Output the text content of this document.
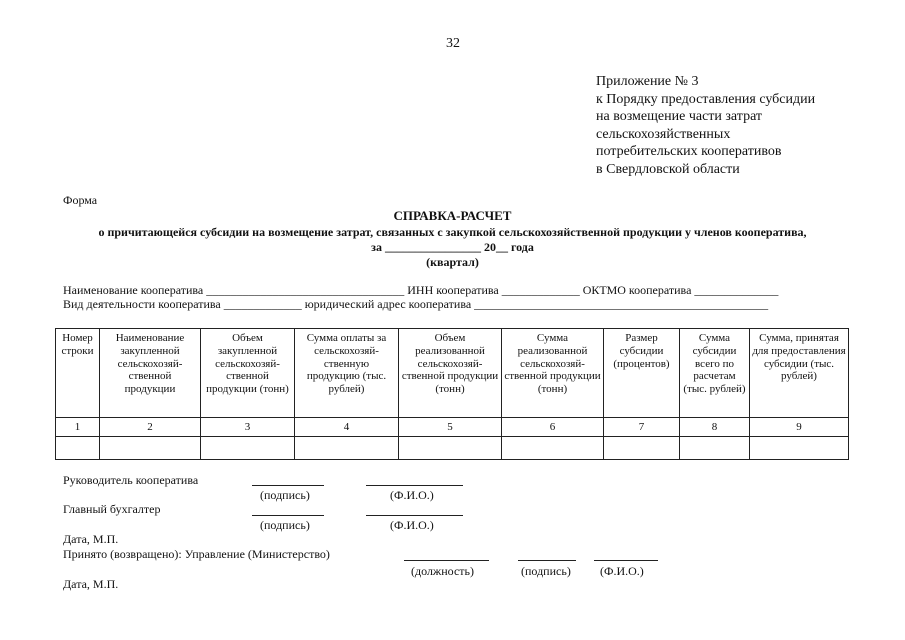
32
Приложение № 3
к Порядку предоставления субсидии
на возмещение части затрат
сельскохозяйственных
потребительских кооперативов
в Свердловской области
Форма
СПРАВКА-РАСЧЕТ
о причитающейся субсидии на возмещение затрат, связанных с закупкой сельскохозяйственной продукции у членов кооператива,
за ________________ 20__ года
(квартал)
Наименование кооператива _________________________________ ИНН кооператива _____________ ОКТМО кооператива ______________
Вид деятельности кооператива _____________ юридический адрес кооператива _________________________________________________
Номер строки	Наименование закупленной сельскохозяй-ственной продукции	Объем закупленной сельскохозяй-ственной продукции (тонн)	Сумма оплаты за сельскохозяй-ственную продукцию (тыс. рублей)	Объем реализованной сельскохозяй-ственной продукции (тонн)	Сумма реализованной сельскохозяй-ственной продукции (тонн)	Размер субсидии (процентов)	Сумма субсидии всего по расчетам (тыс. рублей)	Сумма, принятая для предоставления субсидии (тыс. рублей)
1	2	3	4	5	6	7	8	9

Руководитель кооператива
(подпись)	(Ф.И.О.)
Главный бухгалтер
(подпись)	(Ф.И.О.)
Дата, М.П.
Принято (возвращено): Управление (Министерство)
(должность)	(подпись) (Ф.И.О.)
Дата, М.П.
